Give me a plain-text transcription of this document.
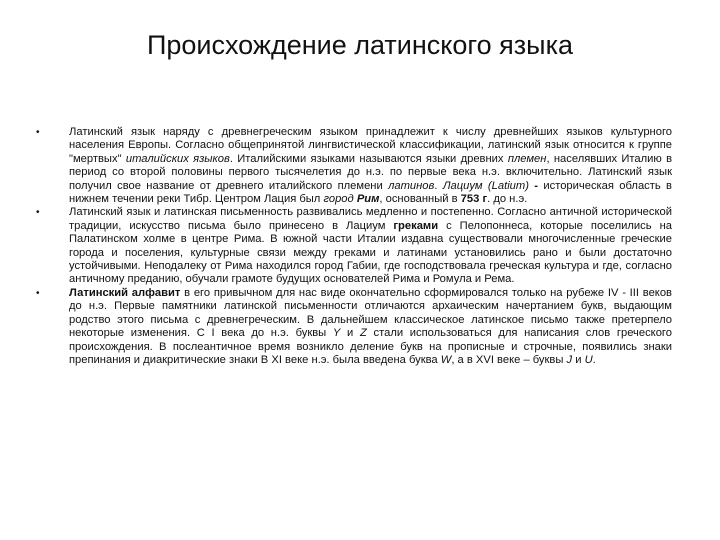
Происхождение латинского языка
•	Латинский язык наряду с древнегреческим языком принадлежит к числу древнейших языков культурного населения Европы. Согласно общепринятой лингвистической классификации, латинский язык относится к группе "мертвых" италийских языков. Италийскими языками называются языки древних племен, населявших Италию в период со второй половины первого тысячелетия до н.э. по первые века н.э. включительно. Латинский язык получил свое название от древнего италийского племени латинов. Лациум (Latium) - историческая область в нижнем течении реки Тибр. Центром Лация был город Рим, основанный в 753 г. до н.э.
•	Латинский язык и латинская письменность развивались медленно и постепенно. Согласно античной исторической традиции, искусство письма было принесено в Лациум греками с Пелопоннеса, которые поселились на Палатинском холме в центре Рима. В южной части Италии издавна существовали многочисленные греческие города и поселения, культурные связи между греками и латинами установились рано и были достаточно устойчивыми. Неподалеку от Рима находился город Габии, где господствовала греческая культура и где, согласно античному преданию, обучали грамоте будущих основателей Рима и Ромула и Рема.
•	Латинский алфавит в его привычном для нас виде окончательно сформировался только на рубеже IV - III веков до н.э. Первые памятники латинской письменности отличаются архаическим начертанием букв, выдающим родство этого письма с древнегреческим. В дальнейшем классическое латинское письмо также претерпело некоторые изменения. С I века до н.э. буквы Y и Z стали использоваться для написания слов греческого происхождения. В послеантичное время возникло деление букв на прописные и строчные, появились знаки препинания и диакритические знаки В XI веке н.э. была введена буква W, а в XVI веке – буквы J и U.
